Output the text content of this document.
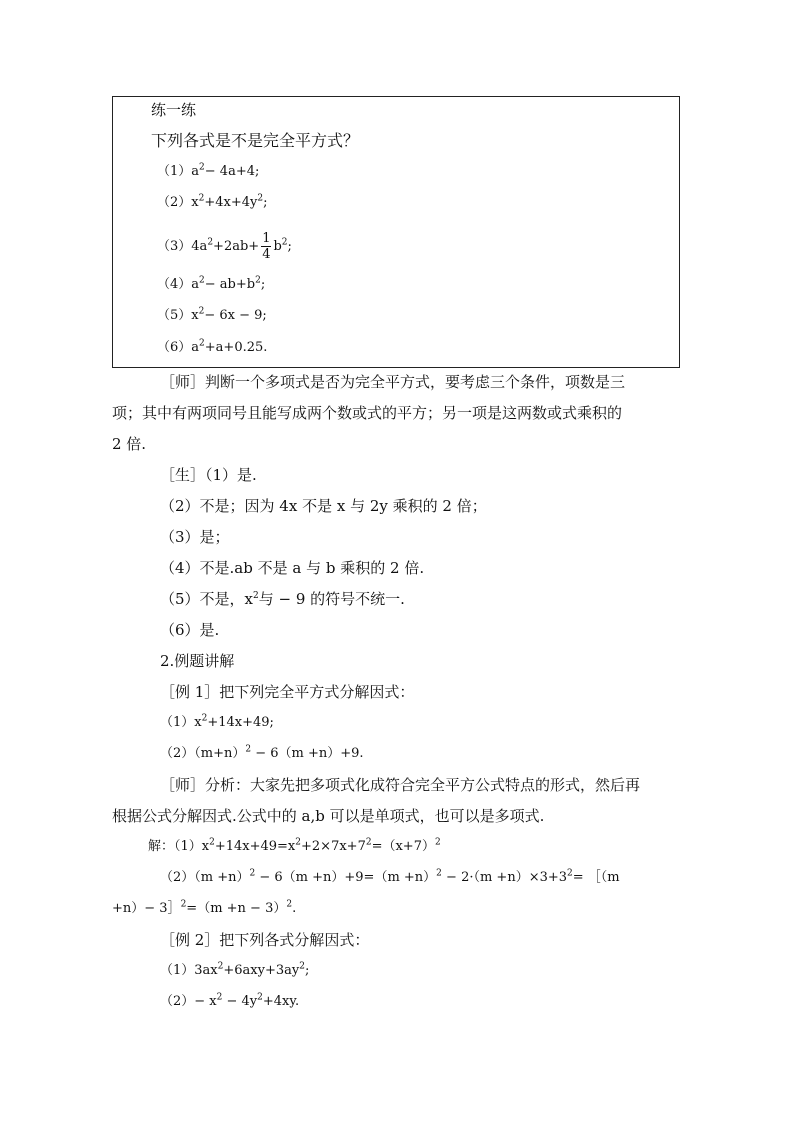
练一练
下列各式是不是完全平方式？
$(1)a^2- 4a+4$;
$(2)x^2+4x+4y^2$;
$(3)4a^2+2ab+ \frac{1}{4} b^2$;
$(4)a^2- ab+b^2$;
$(5)x^2- 6x - 9$;
$(6)a^2+a+0.25$.
［师］判断一个多项式是否为完全平方式，要考虑三个条件，项数是三
项；其中有两项同号且能写成两个数或式的平方；另一项是这两数或式乘积的
2 倍.
［生］（1）是.
（2）不是；因为 4x 不是 x 与 2y 乘积的 2 倍；
（3）是；
（4）不是.ab 不是 a 与 b 乘积的 2 倍.
（5）不是，$x^2$与 − 9 的符号不统一.
（6）是.
2.例题讲解
［例 1］把下列完全平方式分解因式：
$(1)x^2+14x+49$;
$(2)(m+n)^2 - 6(m +n)+9$.
［师］分析：大家先把多项式化成符合完全平方公式特点的形式，然后再
根据公式分解因式.公式中的 a,b 可以是单项式，也可以是多项式.
解：$(1)x^2+14x+49=x^2+2\times 7x+7^2=(x+7)^2$
$(2)(m +n)^2 - 6(m +n)+9=(m +n)^2 - 2\cdot(m +n)\times 3+3^2=$ ［（m
+n）− 3］$^2$=（m +n − 3）$^2$.
［例 2］把下列各式分解因式：
$(1)3ax^2+6axy+3ay^2$;
$(2)- x^2 - 4y^2+4xy$.
